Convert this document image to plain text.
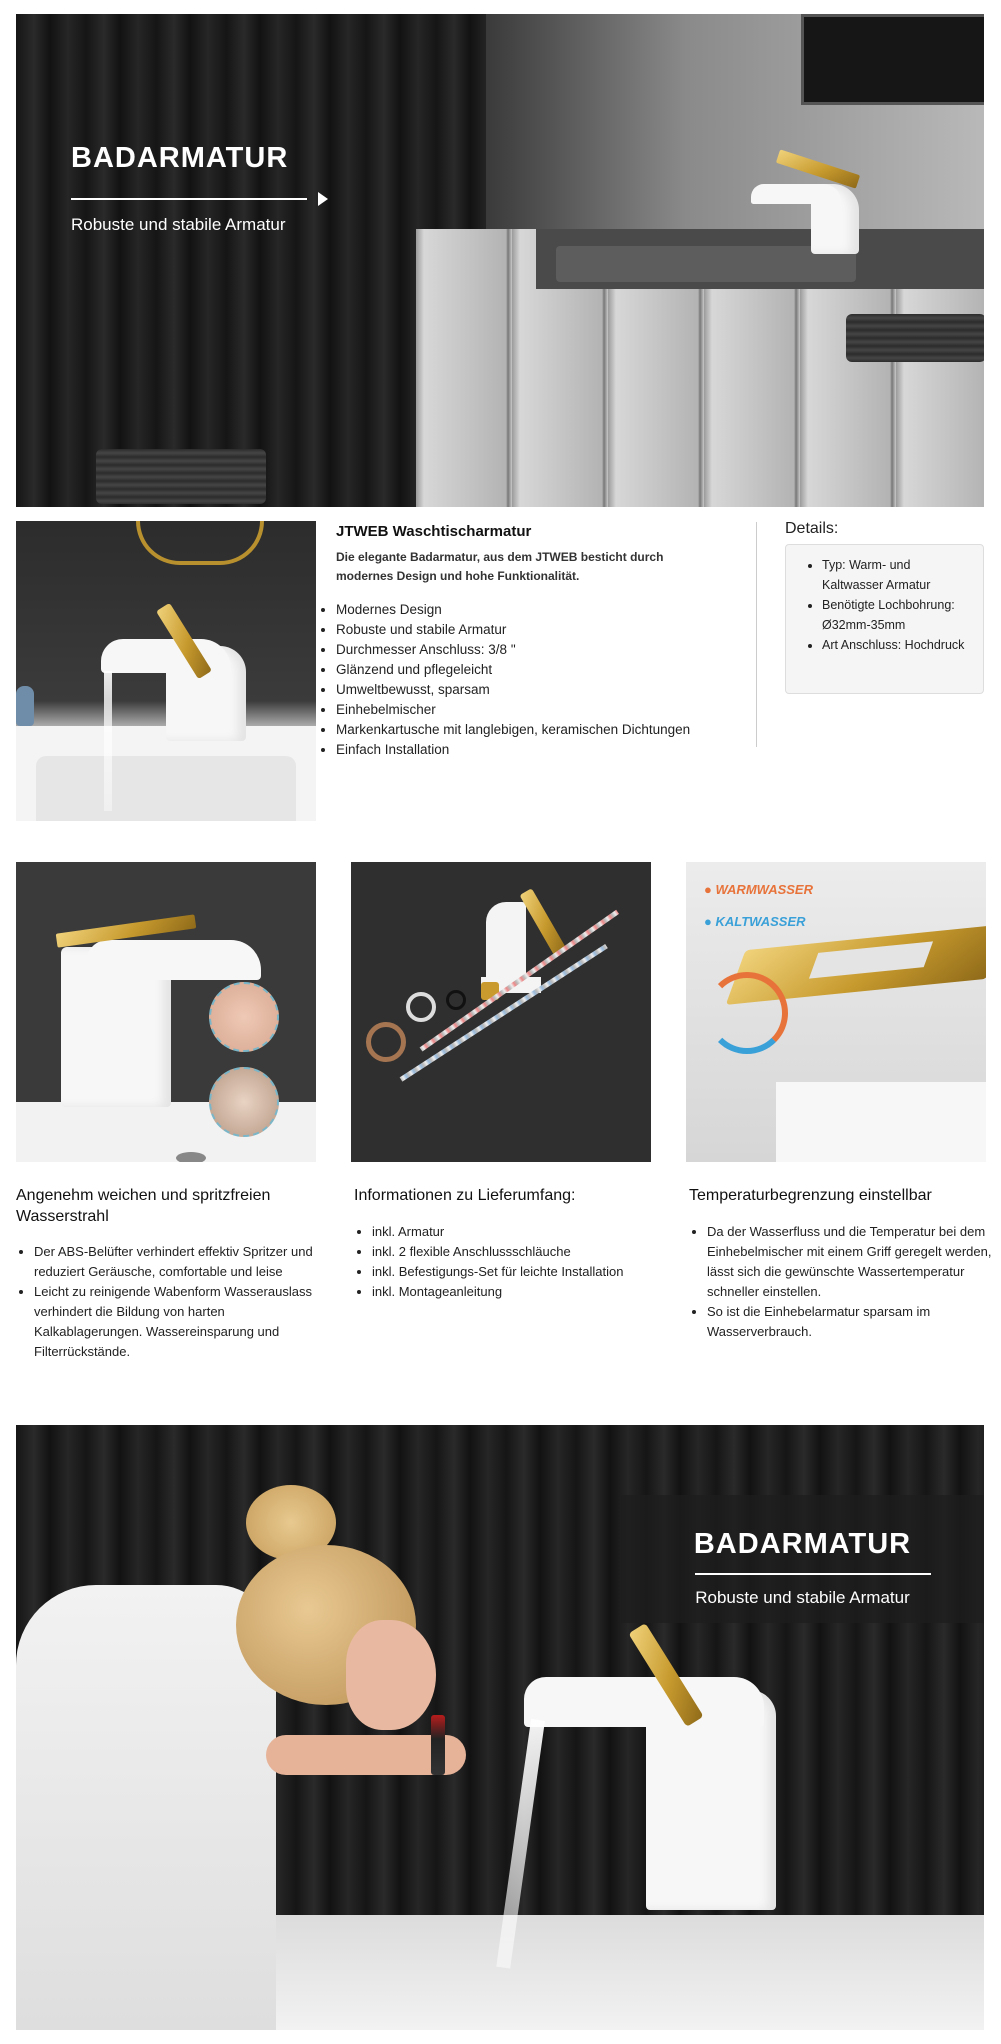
BADARMATUR
Robuste und stabile Armatur
JTWEB Waschtischarmatur
Die elegante Badarmatur, aus dem JTWEB besticht durch modernes Design und hohe Funktionalität.
• Modernes Design
• Robuste und stabile Armatur
• Durchmesser Anschluss: 3/8 "
• Glänzend und pflegeleicht
• Umweltbewusst, sparsam
• Einhebelmischer
• Markenkartusche mit langlebigen, keramischen Dichtungen
• Einfach Installation
Details:
• Typ: Warm- und Kaltwasser Armatur
• Benötigte Lochbohrung: Ø32mm-35mm
• Art Anschluss: Hochdruck
● WARMWASSER
● KALTWASSER
Angenehm weichen und spritzfreien Wasserstrahl
• Der ABS-Belüfter verhindert effektiv Spritzer und reduziert Geräusche, comfortable und leise
• Leicht zu reinigende Wabenform Wasserauslass verhindert die Bildung von harten Kalkablagerungen. Wassereinsparung und Filterrückstände.
Informationen zu Lieferumfang:
• inkl. Armatur
• inkl. 2 flexible Anschlussschläuche
• inkl. Befestigungs-Set für leichte Installation
• inkl. Montageanleitung
Temperaturbegrenzung einstellbar
• Da der Wasserfluss und die Temperatur bei dem Einhebelmischer mit einem Griff geregelt werden, lässt sich die gewünschte Wassertemperatur schneller einstellen.
• So ist die Einhebelarmatur sparsam im Wasserverbrauch.
BADARMATUR
Robuste und stabile Armatur
